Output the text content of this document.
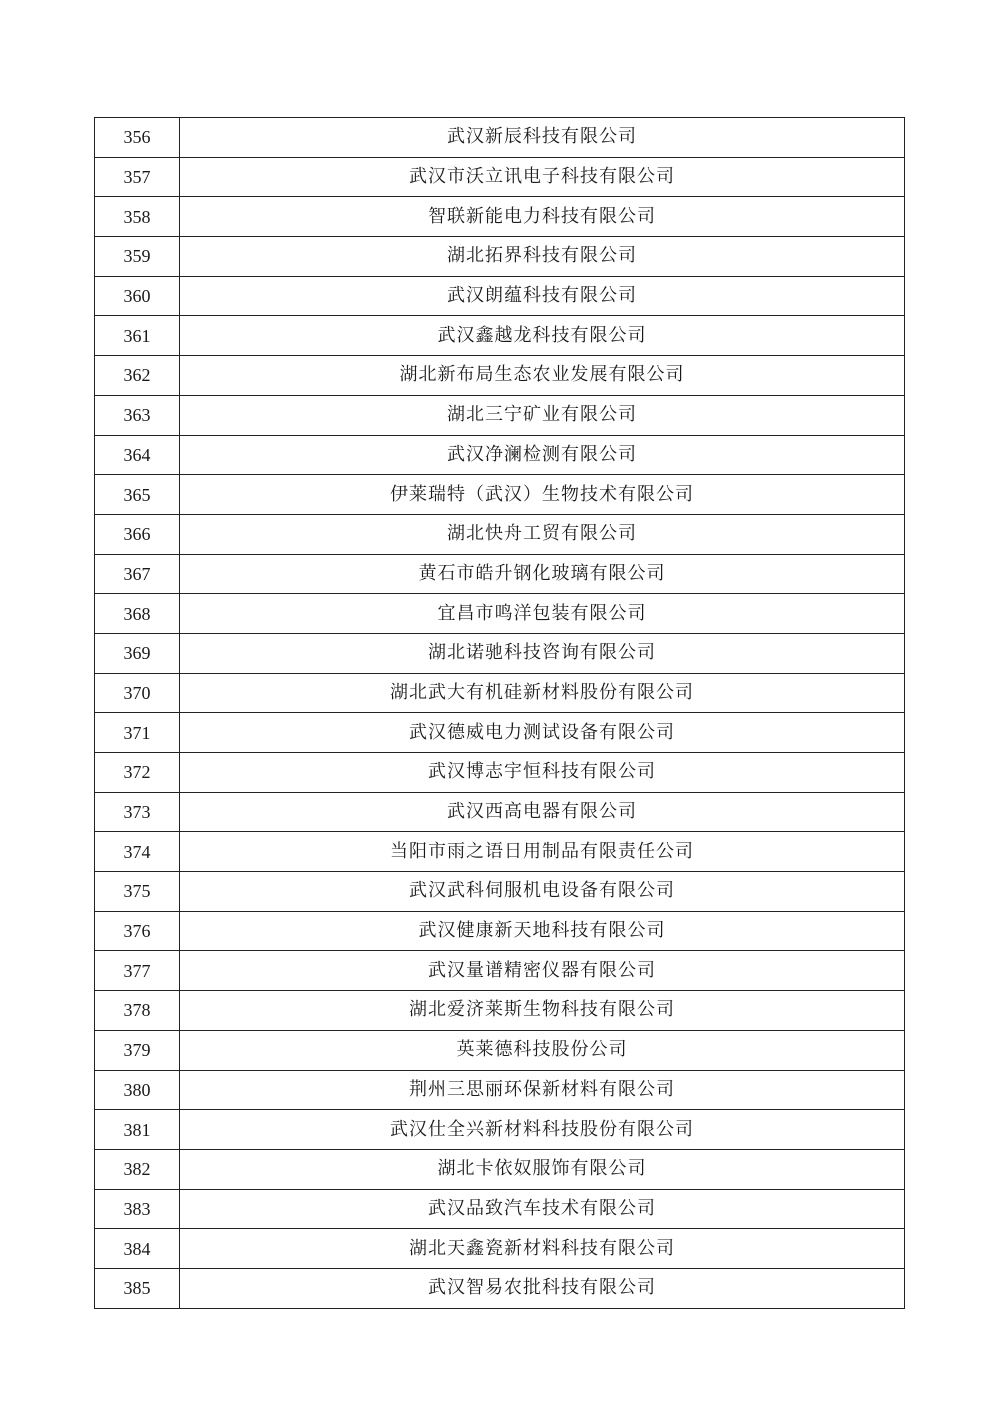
356	武汉新辰科技有限公司
357	武汉市沃立讯电子科技有限公司
358	智联新能电力科技有限公司
359	湖北拓界科技有限公司
360	武汉朗蕴科技有限公司
361	武汉鑫越龙科技有限公司
362	湖北新布局生态农业发展有限公司
363	湖北三宁矿业有限公司
364	武汉净澜检测有限公司
365	伊莱瑞特（武汉）生物技术有限公司
366	湖北快舟工贸有限公司
367	黄石市皓升钢化玻璃有限公司
368	宜昌市鸣洋包装有限公司
369	湖北诺驰科技咨询有限公司
370	湖北武大有机硅新材料股份有限公司
371	武汉德威电力测试设备有限公司
372	武汉博志宇恒科技有限公司
373	武汉西高电器有限公司
374	当阳市雨之语日用制品有限责任公司
375	武汉武科伺服机电设备有限公司
376	武汉健康新天地科技有限公司
377	武汉量谱精密仪器有限公司
378	湖北爱济莱斯生物科技有限公司
379	英莱德科技股份公司
380	荆州三思丽环保新材料有限公司
381	武汉仕全兴新材料科技股份有限公司
382	湖北卡依奴服饰有限公司
383	武汉品致汽车技术有限公司
384	湖北天鑫瓷新材料科技有限公司
385	武汉智易农批科技有限公司
